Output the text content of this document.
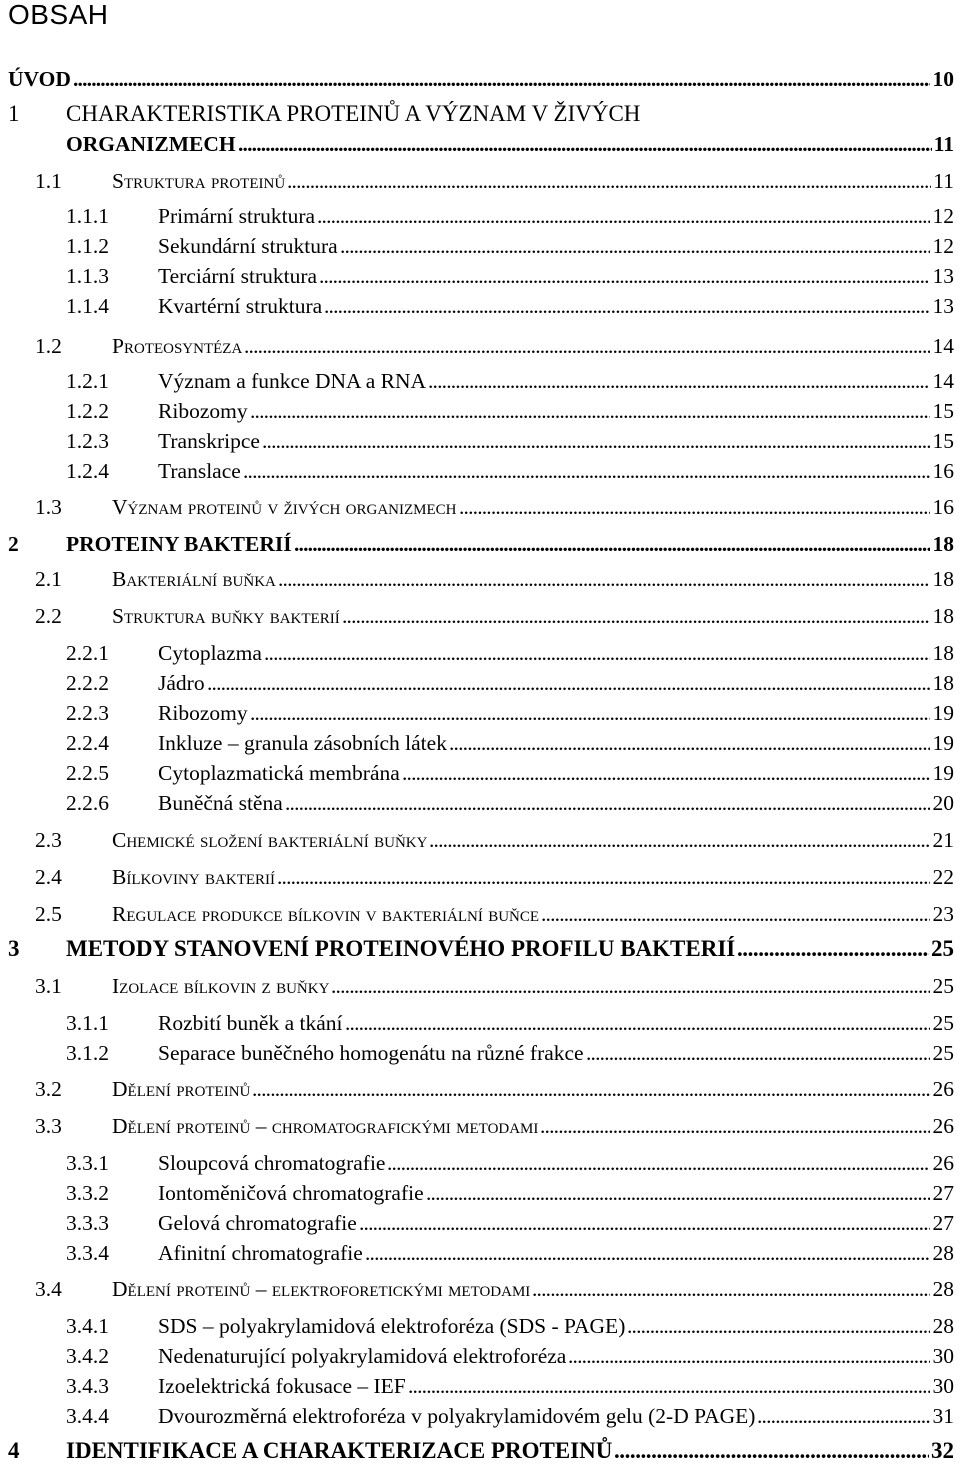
OBSAH
ÚVOD	10
. . .
1 CHARAKTERISTIKA PROTEINŮ A VÝZNAM V ŽIVÝCH
ORGANIZMECH	11
. . .
1.1 Struktura proteinů	11
. . .
1.1.1 Primární struktura	12
. . .
1.1.2 Sekundární struktura	12
. . .
1.1.3 Terciární struktura	13
. . .
1.1.4 Kvartérní struktura	13
. . .
1.2 Proteosyntéza	14
. . .
1.2.1 Význam a funkce DNA a RNA	14
. . .
1.2.2 Ribozomy	15
. . .
1.2.3 Transkripce	15
. . .
1.2.4 Translace	16
. . .
1.3 Význam proteinů v živých organizmech	16
. . .
2 PROTEINY BAKTERIÍ	18
. . .
2.1 Bakteriální buňka	18
. . .
2.2 Struktura buňky bakterií	18
. . .
2.2.1 Cytoplazma	18
. . .
2.2.2 Jádro	18
. . .
2.2.3 Ribozomy	19
. . .
2.2.4 Inkluze – granula zásobních látek	19
. . .
2.2.5 Cytoplazmatická membrána	19
. . .
2.2.6 Buněčná stěna	20
. . .
2.3 Chemické složení bakteriální buňky	21
. . .
2.4 Bílkoviny bakterií	22
. . .
2.5 Regulace produkce bílkovin v bakteriální buňce	23
. . .
3 METODY STANOVENÍ PROTEINOVÉHO PROFILU BAKTERIÍ	25
. . .
3.1 Izolace bílkovin z buňky	25
. . .
3.1.1 Rozbití buněk a tkání	25
. . .
3.1.2 Separace buněčného homogenátu na různé frakce	25
. . .
3.2 Dělení proteinů	26
. . .
3.3 Dělení proteinů – chromatografickými metodami	26
. . .
3.3.1 Sloupcová chromatografie	26
. . .
3.3.2 Iontoměničová chromatografie	27
. . .
3.3.3 Gelová chromatografie	27
. . .
3.3.4 Afinitní chromatografie	28
. . .
3.4 Dělení proteinů – elektroforetickými metodami	28
. . .
3.4.1 SDS – polyakrylamidová elektroforéza (SDS - PAGE)	28
. . .
3.4.2 Nedenaturující polyakrylamidová elektroforéza	30
. . .
3.4.3 Izoelektrická fokusace – IEF	30
. . .
3.4.4 Dvourozměrná elektroforéza v polyakrylamidovém gelu (2-D PAGE)	31
. . .
4 IDENTIFIKACE A CHARAKTERIZACE PROTEINŮ	32
. . .
